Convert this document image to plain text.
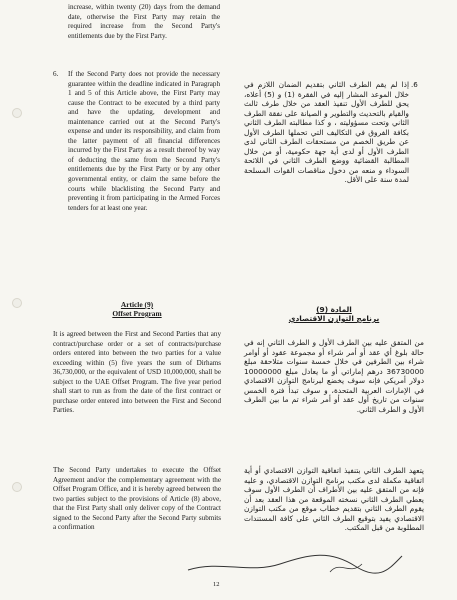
increase, within twenty (20) days from the demand date, otherwise the First Party may retain the required increase from the Second Party's entitlements due by the First Party.

6. If the Second Party does not provide the necessary guarantee within the deadline indicated in Paragraph 1 and 5 of this Article above, the First Party may cause the Contract to be executed by a third party and have the updating, development and maintenance carried out at the Second Party's expense and under its responsibility, and claim from the latter payment of all financial differences incurred by the First Party as a result thereof by way of deducting the same from the Second Party's entitlements due by the First Party or by any other governmental entity, or claim the same before the courts while blacklisting the Second Party and preventing it from participating in the Armed Forces tenders for at least one year.

Article (9)
Offset Program

It is agreed between the First and Second Parties that any contract/purchase order or a set of contracts/purchase orders entered into between the two parties for a value exceeding within (5) five years the sum of Dirhams 36,730,000, or the equivalent of USD 10,000,000, shall be subject to the UAE Offset Program. The five year period shall start to run as from the date of the first contract or purchase order entered into between the First and Second Parties.

The Second Party undertakes to execute the Offset Agreement and/or the complementary agreement with the Offset Program Office, and it is hereby agreed between the two parties subject to the provisions of Article (8) above, that the First Party shall only deliver copy of the Contract signed to the Second Party after the Second Party submits a confirmation

.6

إذا لم يقم الطرف الثاني بتقديم الضمان اللازم في خلال الموعد المشار إليه في الفقرة (1) و (5) أعلاه، يحق للطرف الأول تنفيذ العقد من خلال طرف ثالث والقيام بالتحديث والتطوير و الصيانة على نفقة الطرف الثاني وتحت مسؤوليته ، و كذا مطالبته الطرف الثاني بكافة الفروق في التكاليف التي تحملها الطرف الأول عن طريق الخصم من مستحقات الطرف الثاني لدى الطرف الأول أو لدى أية جهة حكومية، أو من خلال المطالبة القضائية ووضع الطرف الثاني في اللائحة السوداء و منعه من دخول مناقصات القوات المسلحة لمدة سنة على الأقل.

المادة (9)
برنامج التوازن الاقتصادي

من المتفق عليه بين الطرف الأول و الطرف الثاني إنه في حالة بلوغ أي عقد أو أمر شراء أو مجموعة عقود أو أوامر شراء بين الطرفين في خلال خمسة سنوات متلاحقة مبلغ 36730000 درهم إماراتي أو ما يعادل مبلغ 10000000 دولار أمريكي فإنه سوف يخضع لبرنامج التوازن الاقتصادي في الإمارات العربية المتحدة، و سوف تبدأ فترة الخمس سنوات من تاريخ أول عقد أو أمر شراء تم ما بين الطرف الأول و الطرف الثاني.

يتعهد الطرف الثاني بتنفيذ اتفاقية التوازن الاقتصادي أو أية اتفاقية مكملة لدى مكتب برنامج التوازن الاقتصادي، و عليه فإنه من المتفق عليه بين الأطراف أن الطرف الأول سوف يعطي الطرف الثاني نسخته الموقعة من هذا العقد بعد أن يقوم الطرف الثاني بتقديم خطاب موقع من مكتب التوازن الاقتصادي يفيد بتوقيع الطرف الثاني على كافة المستندات المطلوبة من قبل المكتب.

12
